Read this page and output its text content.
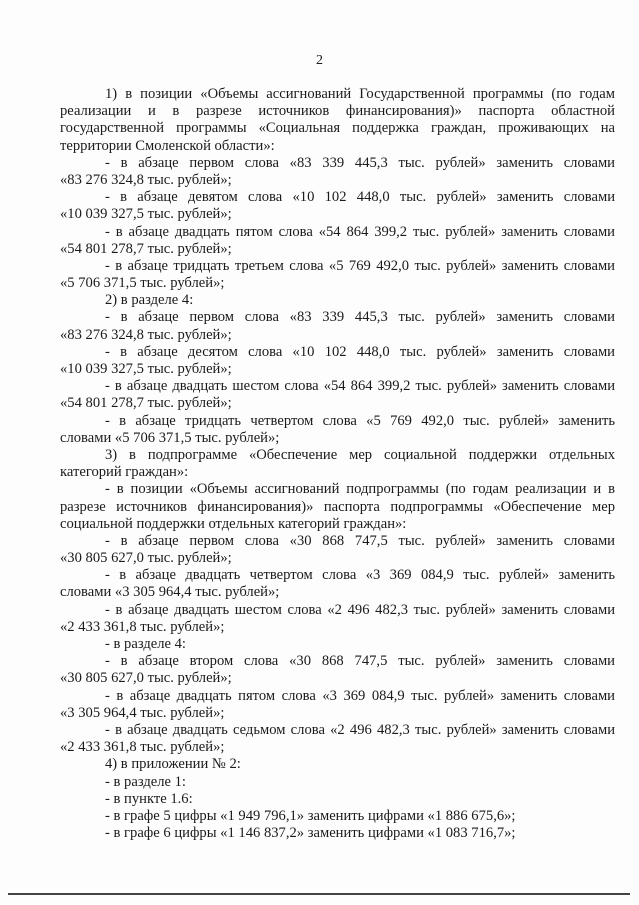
2
1) в позиции «Объемы ассигнований Государственной программы (по годам
реализации и в разрезе источников финансирования)» паспорта областной
государственной программы «Социальная поддержка граждан, проживающих на
территории Смоленской области»:
- в абзаце первом слова «83 339 445,3 тыс. рублей» заменить словами
«83 276 324,8 тыс. рублей»;
- в абзаце девятом слова «10 102 448,0 тыс. рублей» заменить словами
«10 039 327,5 тыс. рублей»;
- в абзаце двадцать пятом слова «54 864 399,2 тыс. рублей» заменить словами
«54 801 278,7 тыс. рублей»;
- в абзаце тридцать третьем слова «5 769 492,0 тыс. рублей» заменить словами
«5 706 371,5 тыс. рублей»;
2) в разделе 4:
- в абзаце первом слова «83 339 445,3 тыс. рублей» заменить словами
«83 276 324,8 тыс. рублей»;
- в абзаце десятом слова «10 102 448,0 тыс. рублей» заменить словами
«10 039 327,5 тыс. рублей»;
- в абзаце двадцать шестом слова «54 864 399,2 тыс. рублей» заменить словами
«54 801 278,7 тыс. рублей»;
- в абзаце тридцать четвертом слова «5 769 492,0 тыс. рублей» заменить
словами «5 706 371,5 тыс. рублей»;
3) в подпрограмме «Обеспечение мер социальной поддержки отдельных
категорий граждан»:
- в позиции «Объемы ассигнований подпрограммы (по годам реализации и в
разрезе источников финансирования)» паспорта подпрограммы «Обеспечение мер
социальной поддержки отдельных категорий граждан»:
- в абзаце первом слова «30 868 747,5 тыс. рублей» заменить словами
«30 805 627,0 тыс. рублей»;
- в абзаце двадцать четвертом слова «3 369 084,9 тыс. рублей» заменить
словами «3 305 964,4 тыс. рублей»;
- в абзаце двадцать шестом слова «2 496 482,3 тыс. рублей» заменить словами
«2 433 361,8 тыс. рублей»;
- в разделе 4:
- в абзаце втором слова «30 868 747,5 тыс. рублей» заменить словами
«30 805 627,0 тыс. рублей»;
- в абзаце двадцать пятом слова «3 369 084,9 тыс. рублей» заменить словами
«3 305 964,4 тыс. рублей»;
- в абзаце двадцать седьмом слова «2 496 482,3 тыс. рублей» заменить словами
«2 433 361,8 тыс. рублей»;
4) в приложении № 2:
- в разделе 1:
- в пункте 1.6:
- в графе 5 цифры «1 949 796,1» заменить цифрами «1 886 675,6»;
- в графе 6 цифры «1 146 837,2» заменить цифрами «1 083 716,7»;
